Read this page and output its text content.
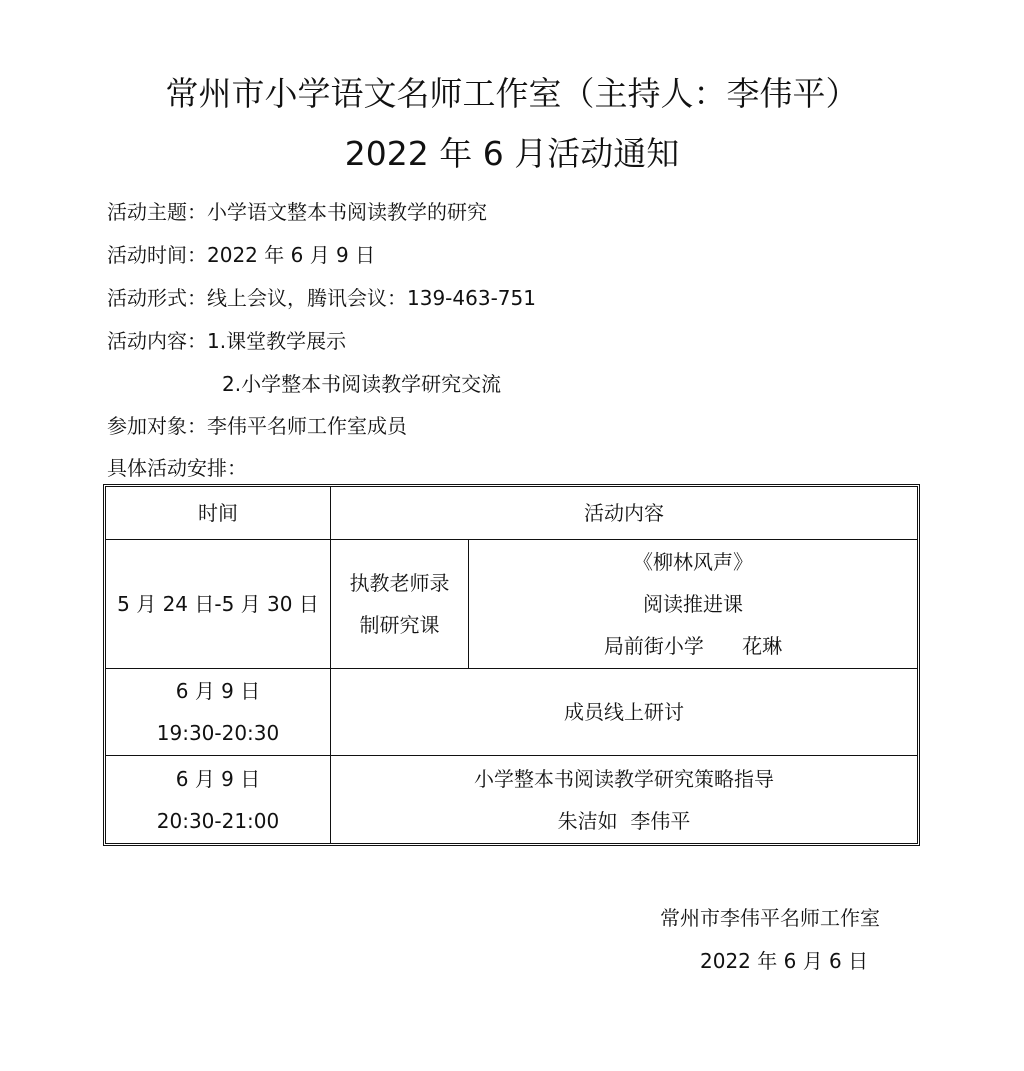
常州市小学语文名师工作室（主持人：李伟平）
2022 年 6 月活动通知
活动主题：小学语文整本书阅读教学的研究
活动时间：2022 年 6 月 9 日
活动形式：线上会议，腾讯会议：139-463-751
活动内容：1.课堂教学展示
2.小学整本书阅读教学研究交流
参加对象：李伟平名师工作室成员
具体活动安排：
时间	活动内容
5 月 24 日-5 月 30 日
执教老师录
制研究课
《柳林风声》
阅读推进课
局前街小学      花琳
6 月 9 日
19:30-20:30
成员线上研讨
6 月 9 日
20:30-21:00
小学整本书阅读教学研究策略指导
朱洁如  李伟平
常州市李伟平名师工作室
2022 年 6 月 6 日
